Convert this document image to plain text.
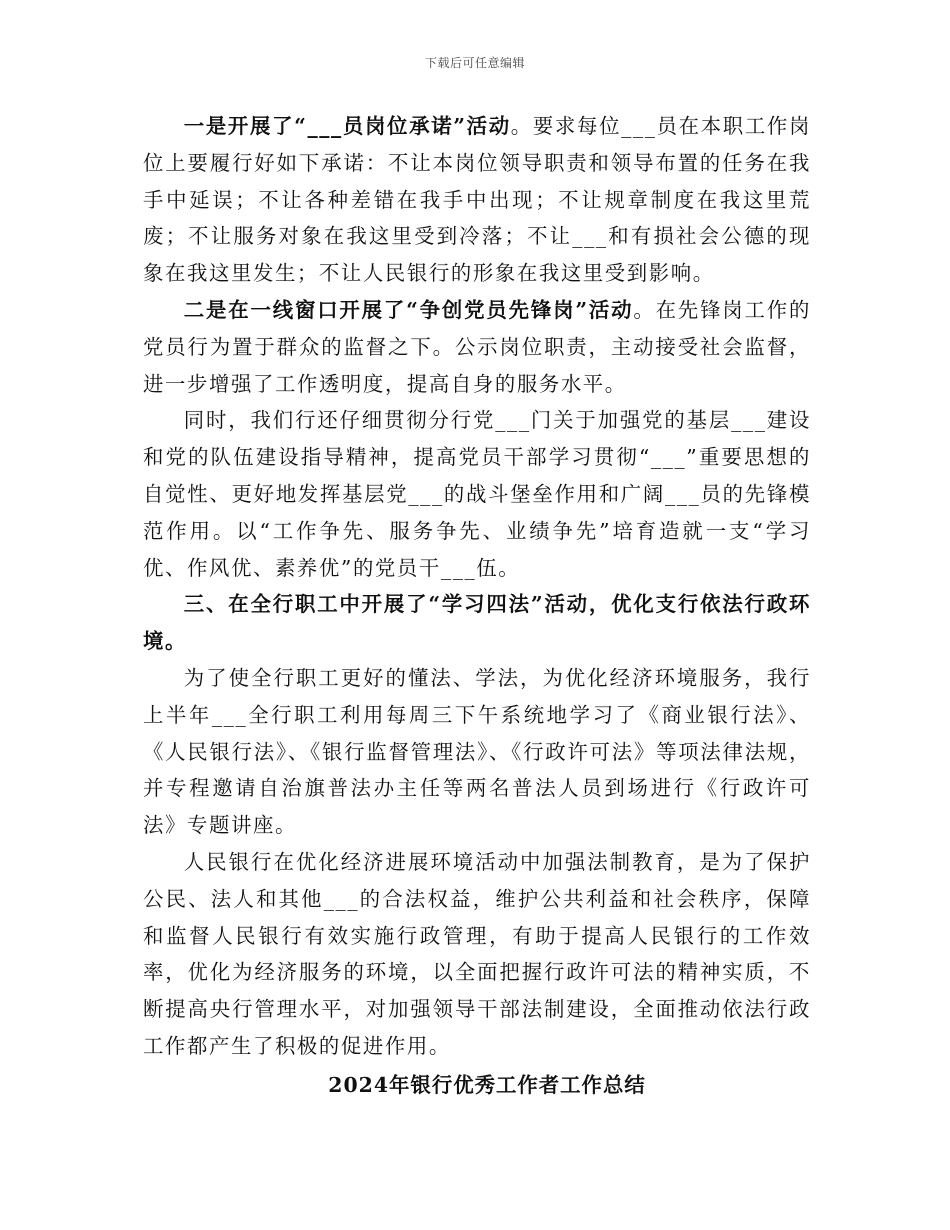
下载后可任意编辑

一是开展了“___员岗位承诺”活动。要求每位___员在本职工作岗位上要履行好如下承诺：不让本岗位领导职责和领导布置的任务在我手中延误；不让各种差错在我手中出现；不让规章制度在我这里荒废；不让服务对象在我这里受到冷落；不让___和有损社会公德的现象在我这里发生；不让人民银行的形象在我这里受到影响。

二是在一线窗口开展了“争创党员先锋岗”活动。在先锋岗工作的党员行为置于群众的监督之下。公示岗位职责，主动接受社会监督，进一步增强了工作透明度，提高自身的服务水平。

同时，我们行还仔细贯彻分行党___门关于加强党的基层___建设和党的队伍建设指导精神，提高党员干部学习贯彻“___”重要思想的自觉性、更好地发挥基层党___的战斗堡垒作用和广阔___员的先锋模范作用。以“工作争先、服务争先、业绩争先”培育造就一支“学习优、作风优、素养优”的党员干___伍。

三、在全行职工中开展了“学习四法”活动，优化支行依法行政环境。

为了使全行职工更好的懂法、学法，为优化经济环境服务，我行上半年___全行职工利用每周三下午系统地学习了《商业银行法》、《人民银行法》、《银行监督管理法》、《行政许可法》等项法律法规，并专程邀请自治旗普法办主任等两名普法人员到场进行《行政许可法》专题讲座。

人民银行在优化经济进展环境活动中加强法制教育，是为了保护公民、法人和其他___的合法权益，维护公共利益和社会秩序，保障和监督人民银行有效实施行政管理，有助于提高人民银行的工作效率，优化为经济服务的环境，以全面把握行政许可法的精神实质，不断提高央行管理水平，对加强领导干部法制建设，全面推动依法行政工作都产生了积极的促进作用。

2024年银行优秀工作者工作总结
